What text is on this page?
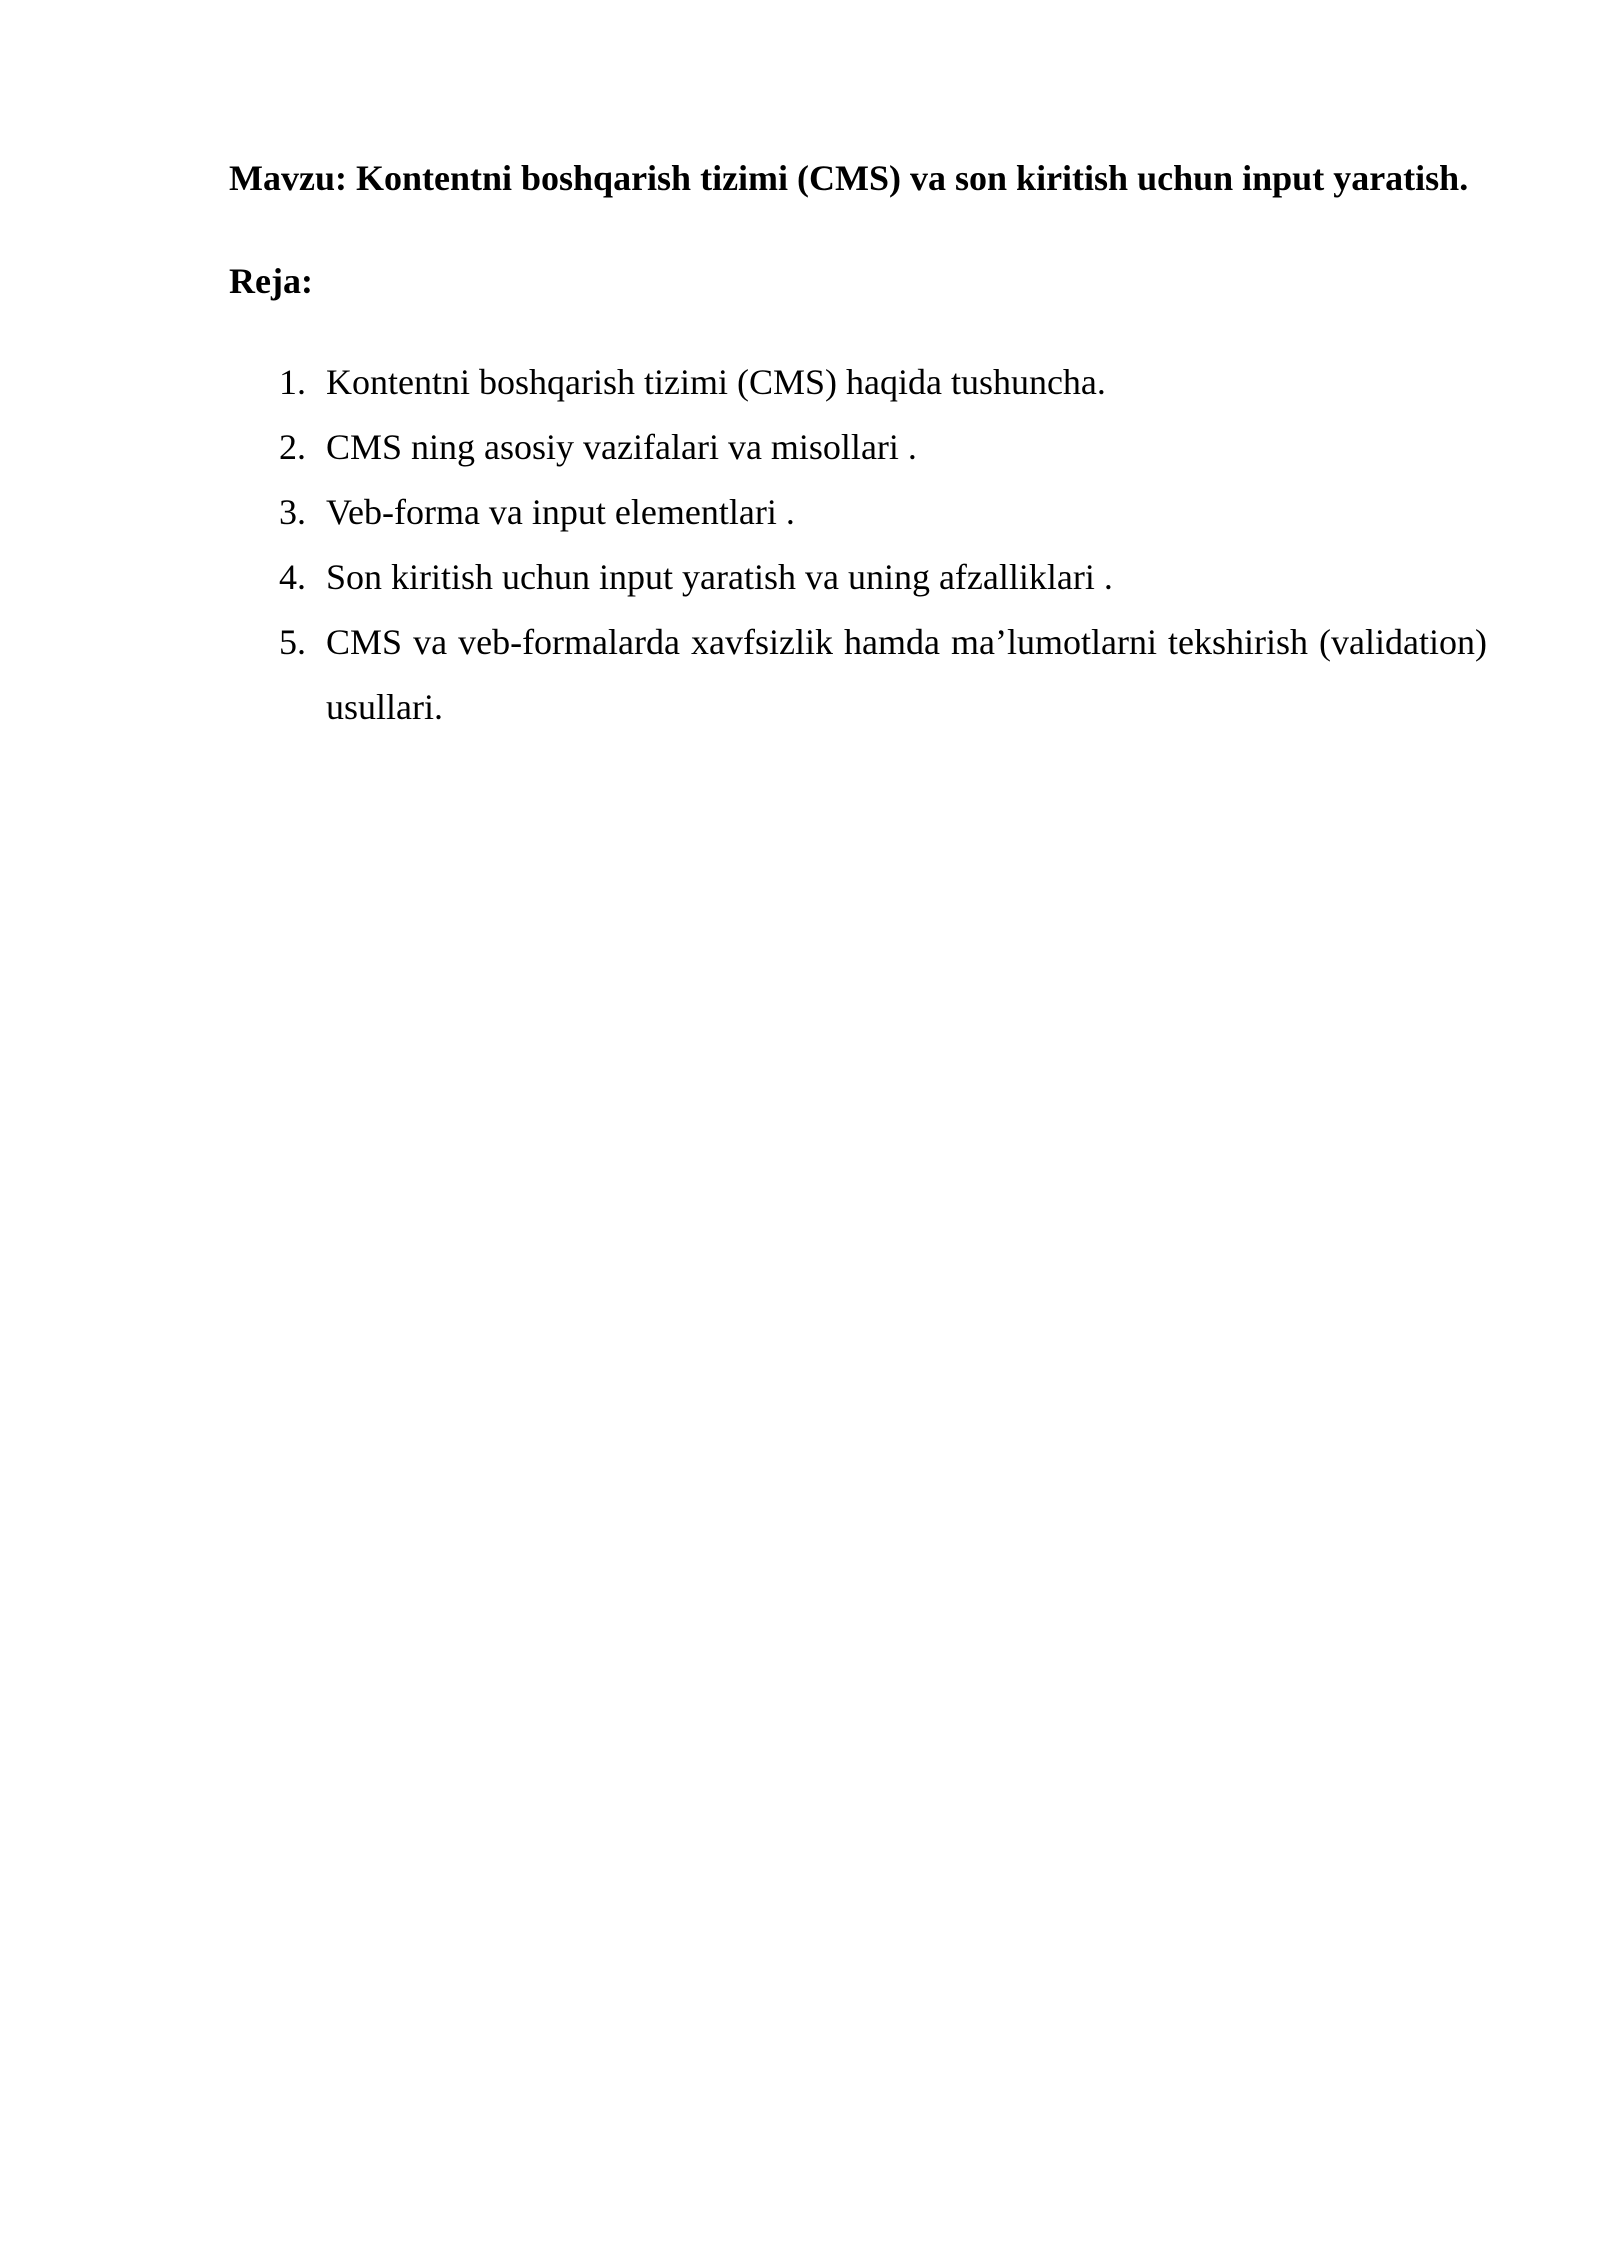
Mavzu: Kontentni boshqarish tizimi (CMS) va son kiritish uchun input yaratish.

Reja:

1. Kontentni boshqarish tizimi (CMS) haqida tushuncha.
2. CMS ning asosiy vazifalari va misollari .
3. Veb-forma va input elementlari .
4. Son kiritish uchun input yaratish va uning afzalliklari .
5. CMS va veb-formalarda xavfsizlik hamda ma’lumotlarni tekshirish (validation) usullari.
